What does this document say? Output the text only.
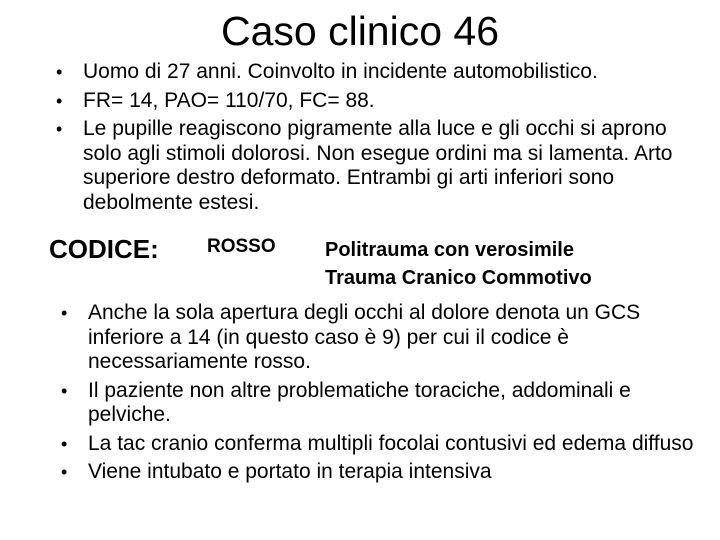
Caso clinico 46
• Uomo di 27 anni. Coinvolto in incidente automobilistico.
• FR= 14, PAO= 110/70, FC= 88.
• Le pupille reagiscono pigramente alla luce e gli occhi si aprono solo agli stimoli dolorosi. Non esegue ordini ma si lamenta. Arto superiore destro deformato. Entrambi gi arti inferiori sono debolmente estesi.
CODICE:	ROSSO Politrauma con verosimile
Trauma Cranico Commotivo
• Anche la sola apertura degli occhi al dolore denota un GCS inferiore a 14 (in questo caso è 9) per cui il codice è necessariamente rosso.
• Il paziente non altre problematiche toraciche, addominali e pelviche.
• La tac cranio conferma multipli focolai contusivi ed edema diffuso
• Viene intubato e portato in terapia intensiva
